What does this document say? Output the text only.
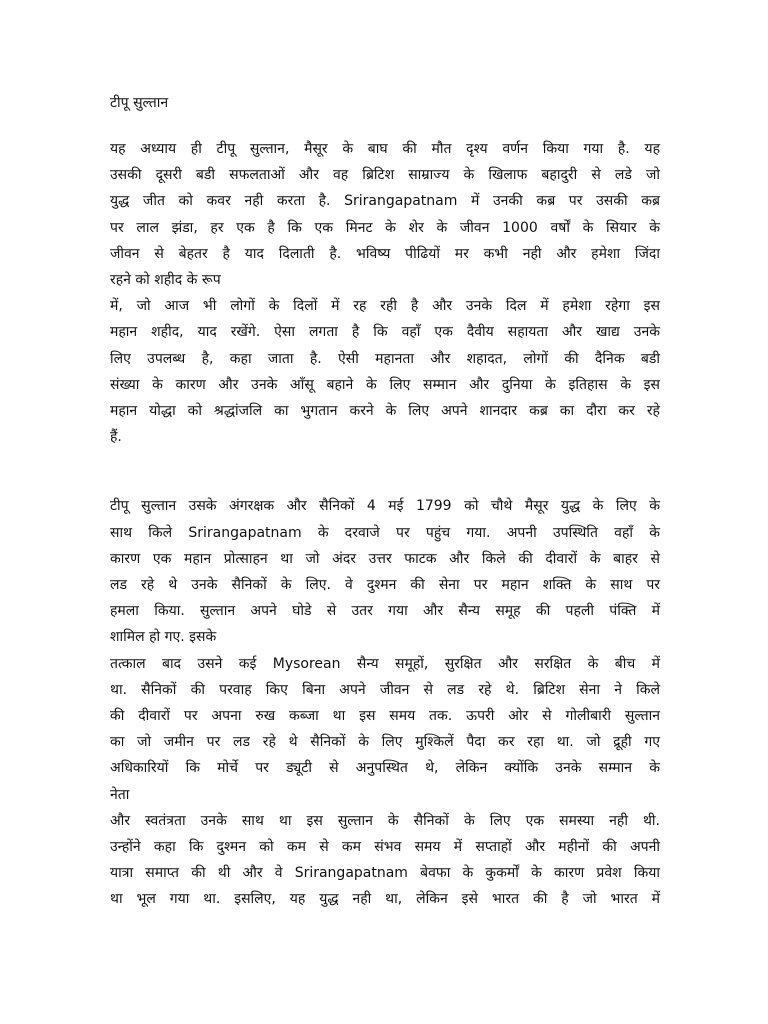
टीपू सुल्तान
यह अध्याय ही टीपू सुल्तान, मैसूर के बाघ की मौत दृश्य वर्णन किया गया है. यह
उसकी दूसरी बडी सफलताओं और वह ब्रिटिश साम्राज्य के खिलाफ बहादुरी से लडे जो
युद्ध जीत को कवर नही करता है. Srirangapatnam में उनकी कब्र पर उसकी कब्र
पर लाल झंडा, हर एक है कि एक मिनट के शेर के जीवन 1000 वर्षों के सियार के
जीवन से बेहतर है याद दिलाती है. भविष्य पीढियों मर कभी नही और हमेशा जिंदा
रहने को शहीद के रूप
में, जो आज भी लोगों के दिलों में रह रही है और उनके दिल में हमेशा रहेगा इस
महान शहीद, याद रखेंगे. ऐसा लगता है कि वहाँ एक दैवीय सहायता और खाद्य उनके
लिए उपलब्ध है, कहा जाता है. ऐसी महानता और शहादत, लोगों की दैनिक बडी
संख्या के कारण और उनके आँसू बहाने के लिए सम्मान और दुनिया के इतिहास के इस
महान योद्धा को श्रद्धांजलि का भुगतान करने के लिए अपने शानदार कब्र का दौरा कर रहे
हैं.
टीपू सुल्तान उसके अंगरक्षक और सैनिकों 4 मई 1799 को चौथे मैसूर युद्ध के लिए के
साथ किले Srirangapatnam के दरवाजे पर पहुंच गया. अपनी उपस्थिति वहाँ के
कारण एक महान प्रोत्साहन था जो अंदर उत्तर फाटक और किले की दीवारों के बाहर से
लड रहे थे उनके सैनिकों के लिए. वे दुश्मन की सेना पर महान शक्ति के साथ पर
हमला किया. सुल्तान अपने घोडे से उतर गया और सैन्य समूह की पहली पंक्ति में
शामिल हो गए. इसके
तत्काल बाद उसने कई Mysorean सैन्य समूहों, सुरक्षित और सरक्षित के बीच में
था. सैनिकों की परवाह किए बिना अपने जीवन से लड रहे थे. ब्रिटिश सेना ने किले
की दीवारों पर अपना रुख कब्जा था इस समय तक. ऊपरी ओर से गोलीबारी सुल्तान
का जो जमीन पर लड रहे थे सैनिकों के लिए मुश्किलें पैदा कर रहा था. जो द्रूही गए
अधिकारियों कि मोर्चे पर ड्यूटी से अनुपस्थित थे, लेकिन क्योंकि उनके सम्मान के
नेता
और स्वतंत्रता उनके साथ था इस सुल्तान के सैनिकों के लिए एक समस्या नही थी.
उन्होंने कहा कि दुश्मन को कम से कम संभव समय में सप्ताहों और महीनों की अपनी
यात्रा समाप्त की थी और वे Srirangapatnam बेवफा के कुकर्मों के कारण प्रवेश किया
था भूल गया था. इसलिए, यह युद्ध नही था, लेकिन इसे भारत की है जो भारत में
